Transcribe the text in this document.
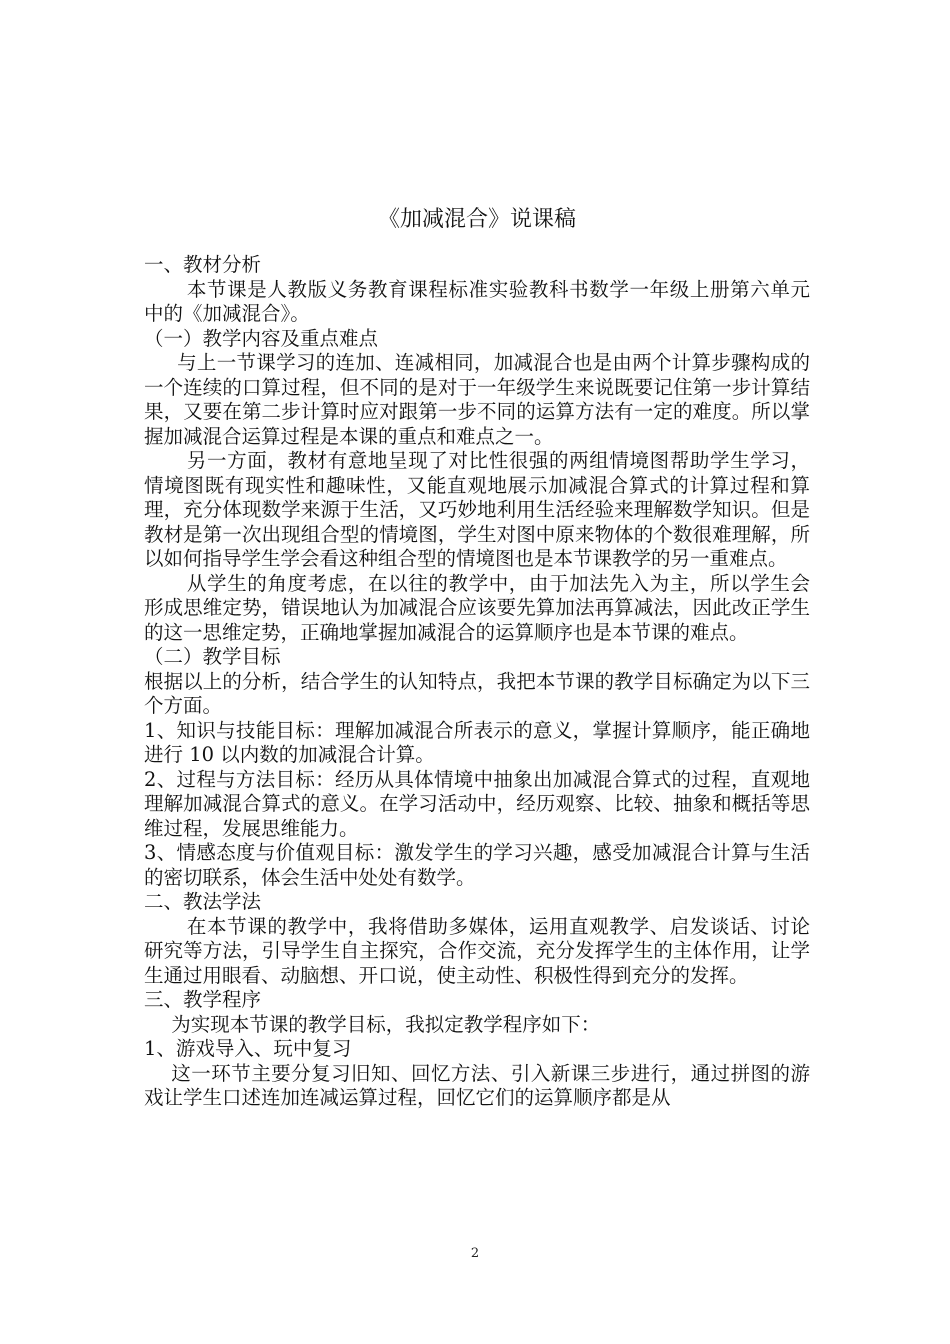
《加减混合》说课稿

一、教材分析

本节课是人教版义务教育课程标准实验教科书数学一年级上册第六单元中的《加减混合》。

（一）教学内容及重点难点

与上一节课学习的连加、连减相同，加减混合也是由两个计算步骤构成的一个连续的口算过程，但不同的是对于一年级学生来说既要记住第一步计算结果，又要在第二步计算时应对跟第一步不同的运算方法有一定的难度。所以掌握加减混合运算过程是本课的重点和难点之一。

另一方面，教材有意地呈现了对比性很强的两组情境图帮助学生学习，情境图既有现实性和趣味性，又能直观地展示加减混合算式的计算过程和算理，充分体现数学来源于生活，又巧妙地利用生活经验来理解数学知识。但是教材是第一次出现组合型的情境图，学生对图中原来物体的个数很难理解，所以如何指导学生学会看这种组合型的情境图也是本节课教学的另一重难点。

从学生的角度考虑，在以往的教学中，由于加法先入为主，所以学生会形成思维定势，错误地认为加减混合应该要先算加法再算减法，因此改正学生的这一思维定势，正确地掌握加减混合的运算顺序也是本节课的难点。

（二）教学目标

根据以上的分析，结合学生的认知特点，我把本节课的教学目标确定为以下三个方面。

1、知识与技能目标：理解加减混合所表示的意义，掌握计算顺序，能正确地进行 10 以内数的加减混合计算。

2、过程与方法目标：经历从具体情境中抽象出加减混合算式的过程，直观地理解加减混合算式的意义。在学习活动中，经历观察、比较、抽象和概括等思维过程，发展思维能力。

3、情感态度与价值观目标：激发学生的学习兴趣，感受加减混合计算与生活的密切联系，体会生活中处处有数学。

二、教法学法

在本节课的教学中，我将借助多媒体，运用直观教学、启发谈话、讨论研究等方法，引导学生自主探究，合作交流，充分发挥学生的主体作用，让学生通过用眼看、动脑想、开口说，使主动性、积极性得到充分的发挥。

三、教学程序

为实现本节课的教学目标，我拟定教学程序如下：

1、游戏导入、玩中复习

这一环节主要分复习旧知、回忆方法、引入新课三步进行，通过拼图的游戏让学生口述连加连减运算过程，回忆它们的运算顺序都是从

2
